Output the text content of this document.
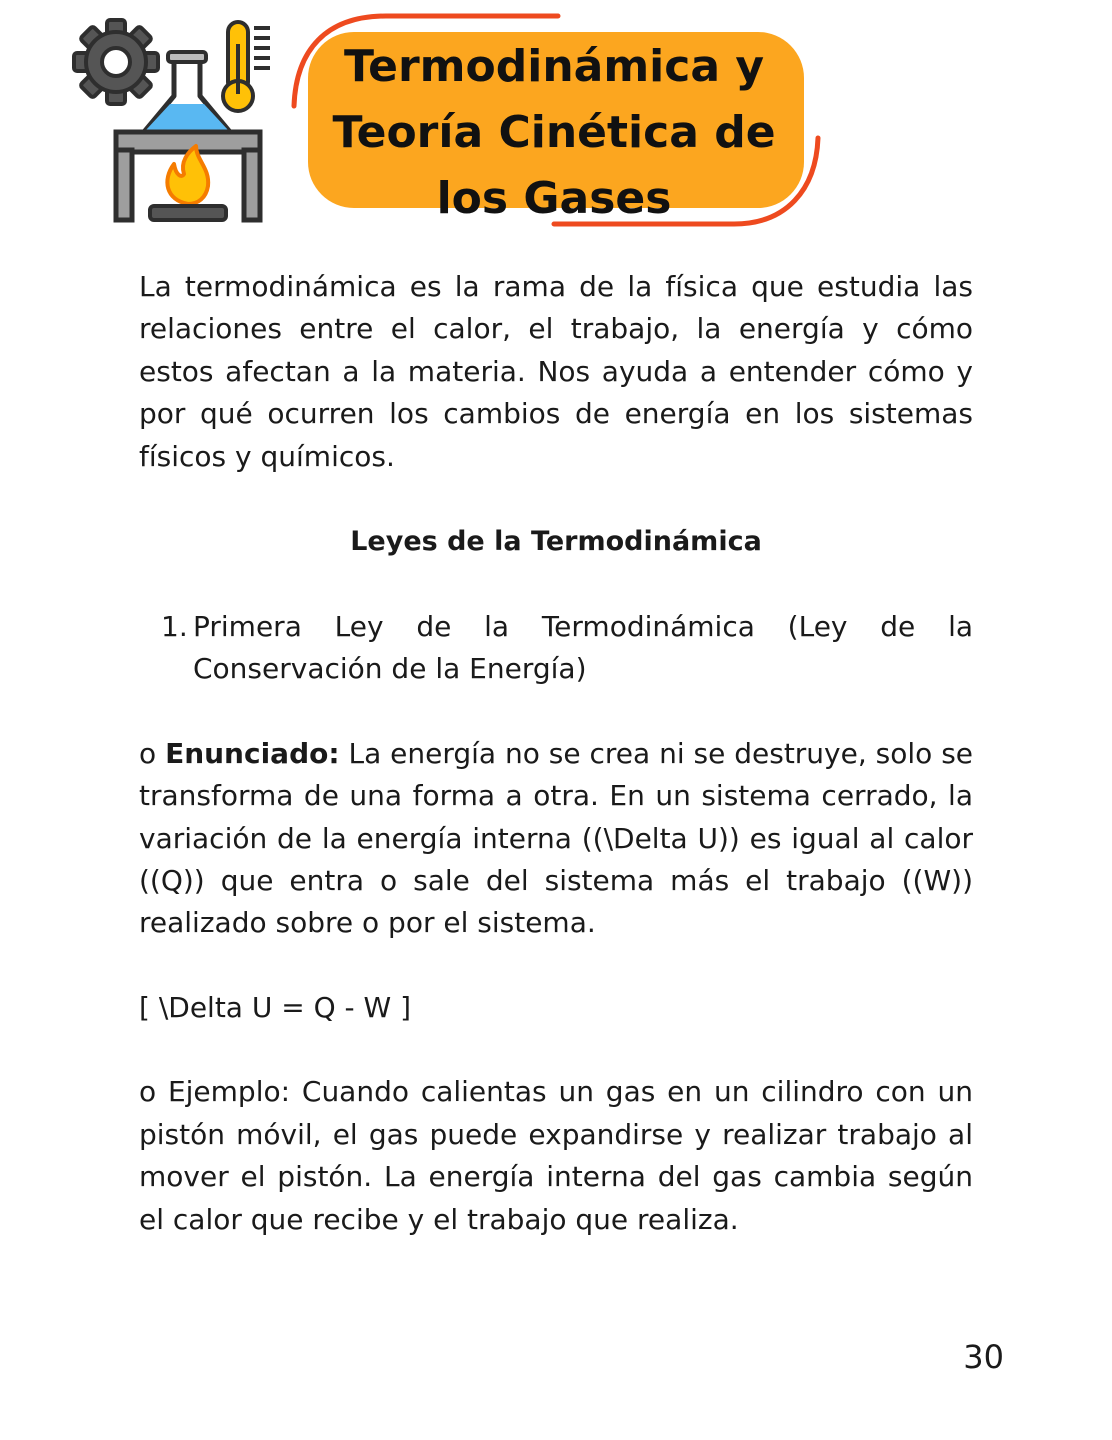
Termodinámica y
Teoría Cinética de
los Gases

La termodinámica es la rama de la física que estudia las relaciones entre el calor, el trabajo, la energía y cómo estos afectan a la materia. Nos ayuda a entender cómo y por qué ocurren los cambios de energía en los sistemas físicos y químicos.

Leyes de la Termodinámica
1. Primera Ley de la Termodinámica (Ley de la Conservación de la Energía)

o Enunciado: La energía no se crea ni se destruye, solo se transforma de una forma a otra. En un sistema cerrado, la variación de la energía interna ((\Delta U)) es igual al calor ((Q)) que entra o sale del sistema más el trabajo ((W)) realizado sobre o por el sistema.

[ \Delta U = Q - W ]

o Ejemplo: Cuando calientas un gas en un cilindro con un pistón móvil, el gas puede expandirse y realizar trabajo al mover el pistón. La energía interna del gas cambia según el calor que recibe y el trabajo que realiza.

30
